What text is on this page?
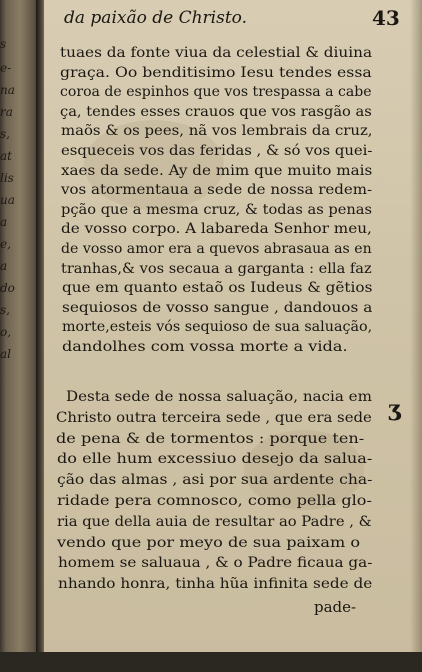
s
e-
na
ra
s,
at
lis
ua
a
e,
a
do
s,
o,
al
da paixão de Christo.	43
tuaes da fonte viua da celestial & diuina
graça. Oo benditisimo Iesu tendes essa
coroa de espinhos que vos trespassa a cabe
ça, tendes esses crauos que vos rasgão as
maõs & os pees, nã vos lembrais da cruz,
esqueceis vos das feridas , & só vos quei-
xaes da sede. Ay de mim que muito mais
vos atormentaua a sede de nossa redem-
pção que a mesma cruz, & todas as penas
de vosso corpo. A labareda Senhor meu,
de vosso amor era a quevos abrasaua as en
tranhas,& vos secaua a garganta : ella faz
que em quanto estaõ os Iudeus & gẽtios
sequiosos de vosso sangue , dandouos a
morte,esteis vós sequioso de sua saluação,
dandolhes com vossa morte a vida.
Desta sede de nossa saluação, nacia em
Christo outra terceira sede , que era sede
de pena & de tormentos : porque ten-
do elle hum excessiuo desejo da salua-
ção das almas , asi por sua ardente cha-
ridade pera comnosco, como pella glo-
ria que della auia de resultar ao Padre , &
vendo que por meyo de sua paixam o
homem se saluaua , & o Padre ficaua ga-
nhando honra, tinha hũa infinita sede de
ʒ
pade-
